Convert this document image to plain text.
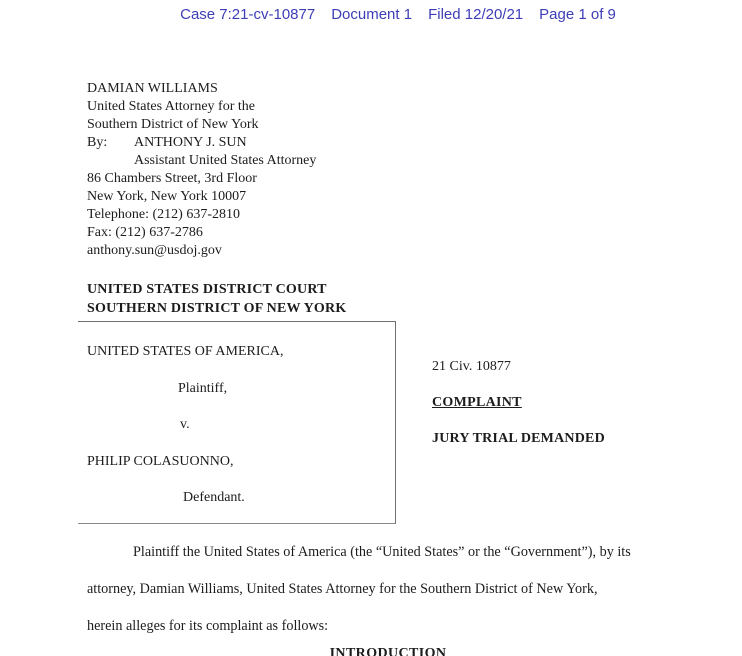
Case 7:21-cv-10877 Document 1 Filed 12/20/21 Page 1 of 9
DAMIAN WILLIAMS
United States Attorney for the
Southern District of New York
By: ANTHONY J. SUN
Assistant United States Attorney
86 Chambers Street, 3rd Floor
New York, New York 10007
Telephone: (212) 637-2810
Fax: (212) 637-2786
anthony.sun@usdoj.gov
UNITED STATES DISTRICT COURT
SOUTHERN DISTRICT OF NEW YORK
UNITED STATES OF AMERICA,
Plaintiff,
v.
PHILIP COLASUONNO,
Defendant.
21 Civ. 10877
COMPLAINT
JURY TRIAL DEMANDED
Plaintiff the United States of America (the “United States” or the “Government”), by its
attorney, Damian Williams, United States Attorney for the Southern District of New York,
herein alleges for its complaint as follows:
INTRODUCTION
